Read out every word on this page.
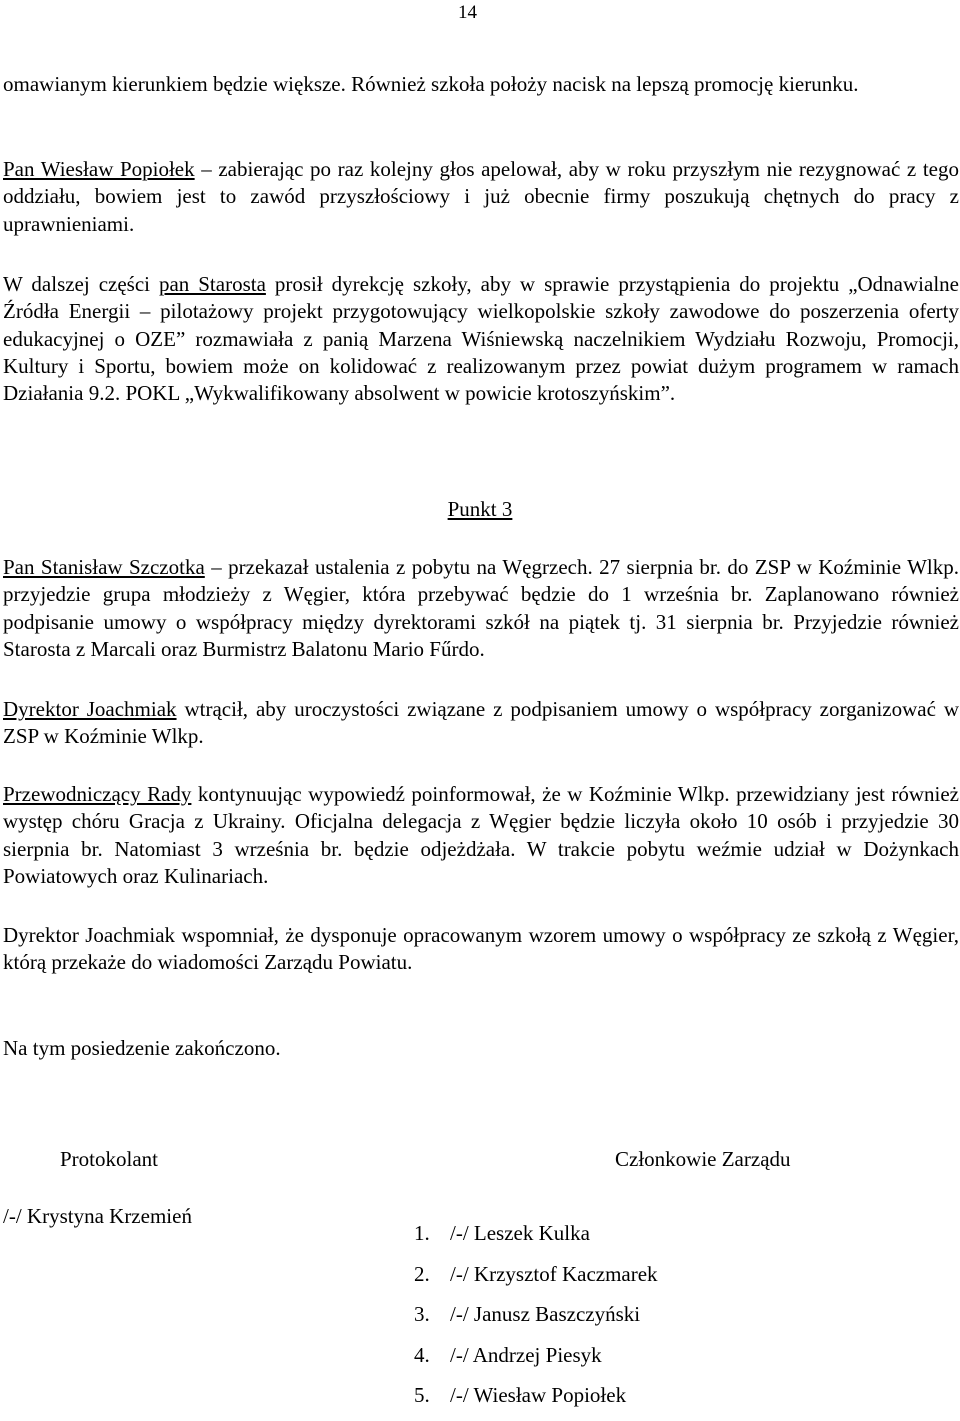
14

omawianym kierunkiem będzie większe. Również szkoła położy nacisk na lepszą promocję kierunku.

Pan Wiesław Popiołek – zabierając po raz kolejny głos apelował, aby w roku przyszłym nie rezygnować z tego oddziału, bowiem jest to zawód przyszłościowy i już obecnie firmy poszukują chętnych do pracy z uprawnieniami.

W dalszej części pan Starosta prosił dyrekcję szkoły, aby w sprawie przystąpienia do projektu „Odnawialne Źródła Energii – pilotażowy projekt przygotowujący wielkopolskie szkoły zawodowe do poszerzenia oferty edukacyjnej o OZE” rozmawiała z panią Marzena Wiśniewską naczelnikiem Wydziału Rozwoju, Promocji, Kultury i Sportu, bowiem może on kolidować z realizowanym przez powiat dużym programem w ramach Działania 9.2. POKL „Wykwalifikowany absolwent w powicie krotoszyńskim”.

Punkt 3

Pan Stanisław Szczotka – przekazał ustalenia z pobytu na Węgrzech. 27 sierpnia br. do ZSP w Koźminie Wlkp. przyjedzie grupa młodzieży z Węgier, która przebywać będzie do 1 września br. Zaplanowano również podpisanie umowy o współpracy między dyrektorami szkół na piątek tj. 31 sierpnia br. Przyjedzie również Starosta z Marcali oraz Burmistrz Balatonu Mario Fűrdo.

Dyrektor Joachmiak wtrącił, aby uroczystości związane z podpisaniem umowy o współpracy zorganizować w ZSP w Koźminie Wlkp.

Przewodniczący Rady kontynuując wypowiedź poinformował, że w Koźminie Wlkp. przewidziany jest również występ chóru Gracja z Ukrainy. Oficjalna delegacja z Węgier będzie liczyła około 10 osób i przyjedzie 30 sierpnia br. Natomiast 3 września br. będzie odjeżdżała. W trakcie pobytu weźmie udział w Dożynkach Powiatowych oraz Kulinariach.

Dyrektor Joachmiak wspomniał, że dysponuje opracowanym wzorem umowy o współpracy ze szkołą z Węgier, którą przekaże do wiadomości Zarządu Powiatu.

Na tym posiedzenie zakończono.
Protokolant	Członkowie Zarządu
/-/ Krystyna Krzemień
1. /-/ Leszek Kulka
2. /-/ Krzysztof Kaczmarek
3. /-/ Janusz Baszczyński
4. /-/ Andrzej Piesyk
5. /-/ Wiesław Popiołek
